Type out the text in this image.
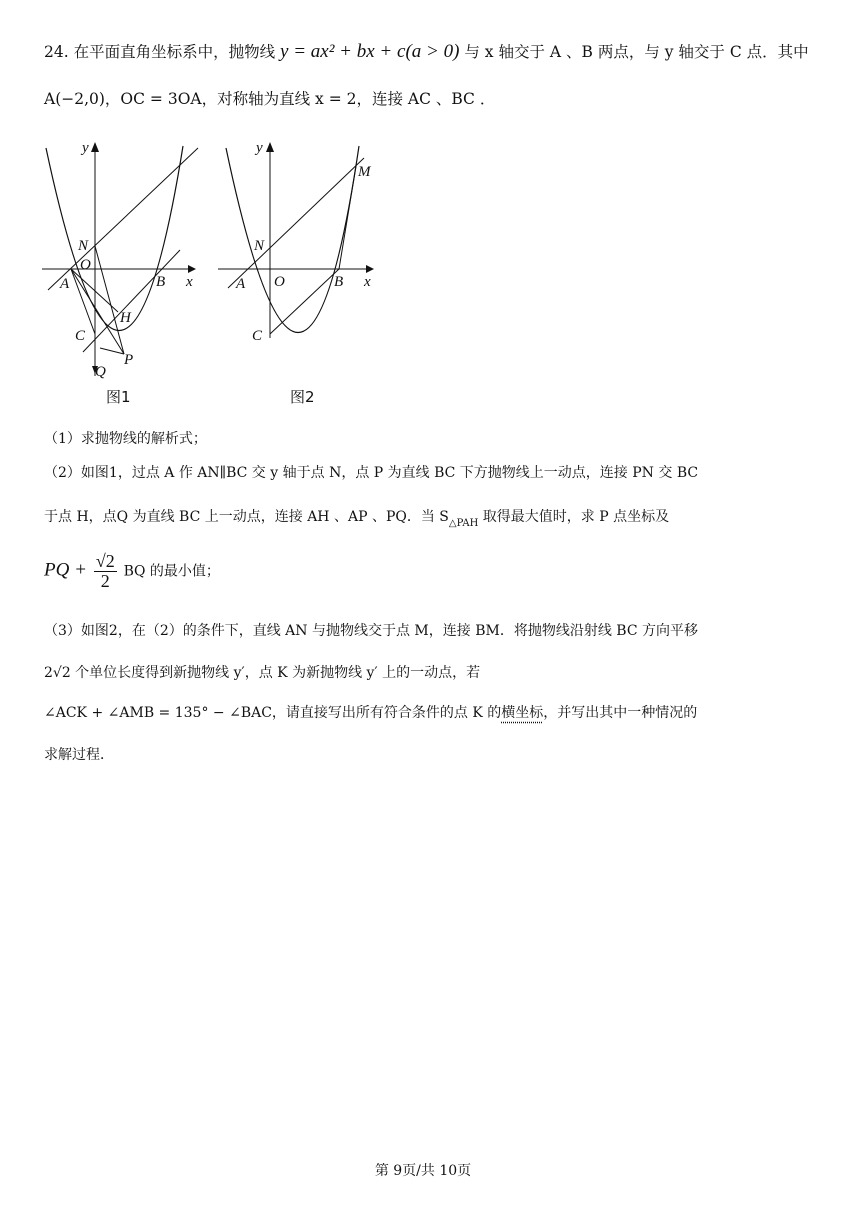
24. 在平面直角坐标系中，抛物线 y = ax² + bx + c(a > 0) 与 x 轴交于 A 、B 两点，与 y 轴交于 C 点．其中
A(−2,0)，OC = 3OA，对称轴为直线 x = 2，连接 AC 、BC ．
y
x
N
O
A	B
H
C
P
Q
y
x
M
N
A O	B
C
图1	图2
（1）求抛物线的解析式；
（2）如图1，过点 A 作 AN∥BC 交 y 轴于点 N，点 P 为直线 BC 下方抛物线上一动点，连接 PN 交 BC
于点 H，点Q 为直线 BC 上一动点，连接 AH 、AP 、PQ．当 $S_{\triangle PAH}$ 取得最大值时，求 P 点坐标及
PQ + $\frac{√2}{2}$ BQ 的最小值；
（3）如图2，在（2）的条件下，直线 AN 与抛物线交于点 M，连接 BM．将抛物线沿射线 BC 方向平移
2√2 个单位长度得到新抛物线 y′，点 K 为新抛物线 y′ 上的一动点，若
∠ACK + ∠AMB = 135° − ∠BAC，请直接写出所有符合条件的点 K 的横坐标，并写出其中一种情况的
求解过程．
第 9页/共 10页
